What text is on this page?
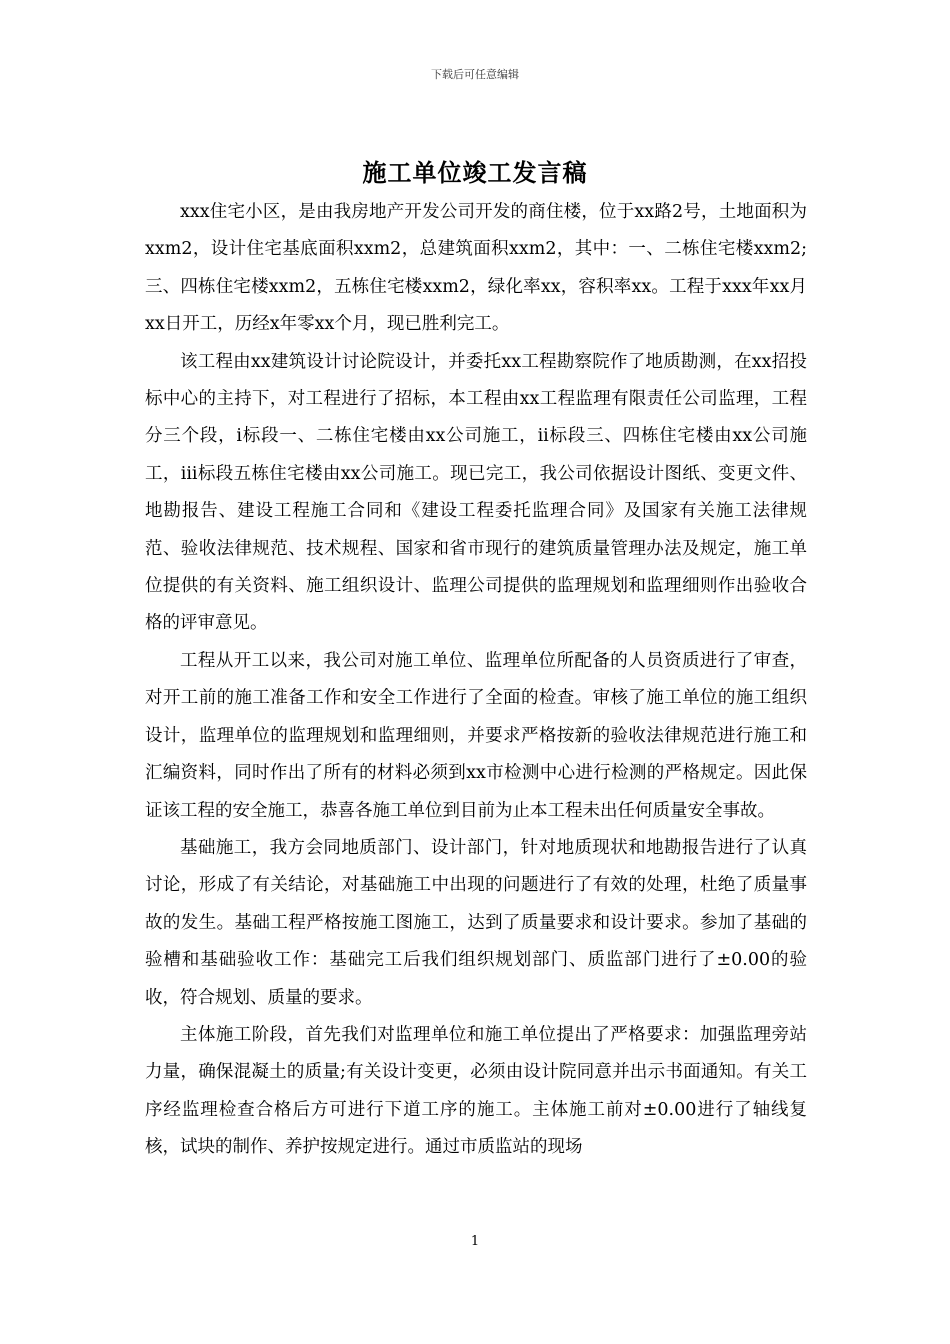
下载后可任意编辑
施工单位竣工发言稿

xxx住宅小区，是由我房地产开发公司开发的商住楼，位于xx路2号，土地面积为xxm2，设计住宅基底面积xxm2，总建筑面积xxm2，其中：一、二栋住宅楼xxm2;三、四栋住宅楼xxm2，五栋住宅楼xxm2，绿化率xx，容积率xx。工程于xxx年xx月xx日开工，历经x年零xx个月，现已胜利完工。

该工程由xx建筑设计讨论院设计，并委托xx工程勘察院作了地质勘测，在xx招投标中心的主持下，对工程进行了招标，本工程由xx工程监理有限责任公司监理，工程分三个段，i标段一、二栋住宅楼由xx公司施工，ii标段三、四栋住宅楼由xx公司施工，iii标段五栋住宅楼由xx公司施工。现已完工，我公司依据设计图纸、变更文件、地勘报告、建设工程施工合同和《建设工程委托监理合同》及国家有关施工法律规范、验收法律规范、技术规程、国家和省市现行的建筑质量管理办法及规定，施工单位提供的有关资料、施工组织设计、监理公司提供的监理规划和监理细则作出验收合格的评审意见。

工程从开工以来，我公司对施工单位、监理单位所配备的人员资质进行了审查，对开工前的施工准备工作和安全工作进行了全面的检查。审核了施工单位的施工组织设计，监理单位的监理规划和监理细则，并要求严格按新的验收法律规范进行施工和汇编资料，同时作出了所有的材料必须到xx市检测中心进行检测的严格规定。因此保证该工程的安全施工，恭喜各施工单位到目前为止本工程未出任何质量安全事故。

基础施工，我方会同地质部门、设计部门，针对地质现状和地勘报告进行了认真讨论，形成了有关结论，对基础施工中出现的问题进行了有效的处理，杜绝了质量事故的发生。基础工程严格按施工图施工，达到了质量要求和设计要求。参加了基础的验槽和基础验收工作：基础完工后我们组织规划部门、质监部门进行了±0.00的验收，符合规划、质量的要求。

主体施工阶段，首先我们对监理单位和施工单位提出了严格要求：加强监理旁站力量，确保混凝土的质量;有关设计变更，必须由设计院同意并出示书面通知。有关工序经监理检查合格后方可进行下道工序的施工。主体施工前对±0.00进行了轴线复核，试块的制作、养护按规定进行。通过市质监站的现场

1
